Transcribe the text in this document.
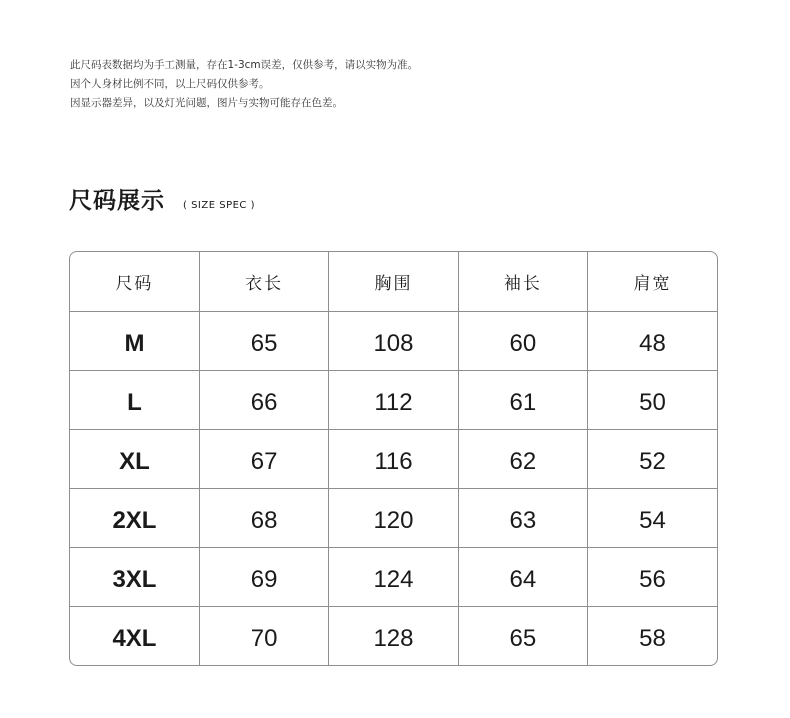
此尺码表数据均为手工测量，存在1-3cm误差，仅供参考，请以实物为准。
因个人身材比例不同，以上尺码仅供参考。
因显示器差异，以及灯光问题，图片与实物可能存在色差。
尺码展示 ( SIZE SPEC )
尺码	衣长	胸围	袖长	肩宽
M	65	108	60	48
L	66	112	61	50
XL	67	116	62	52
2XL	68	120	63	54
3XL	69	124	64	56
4XL	70	128	65	58
